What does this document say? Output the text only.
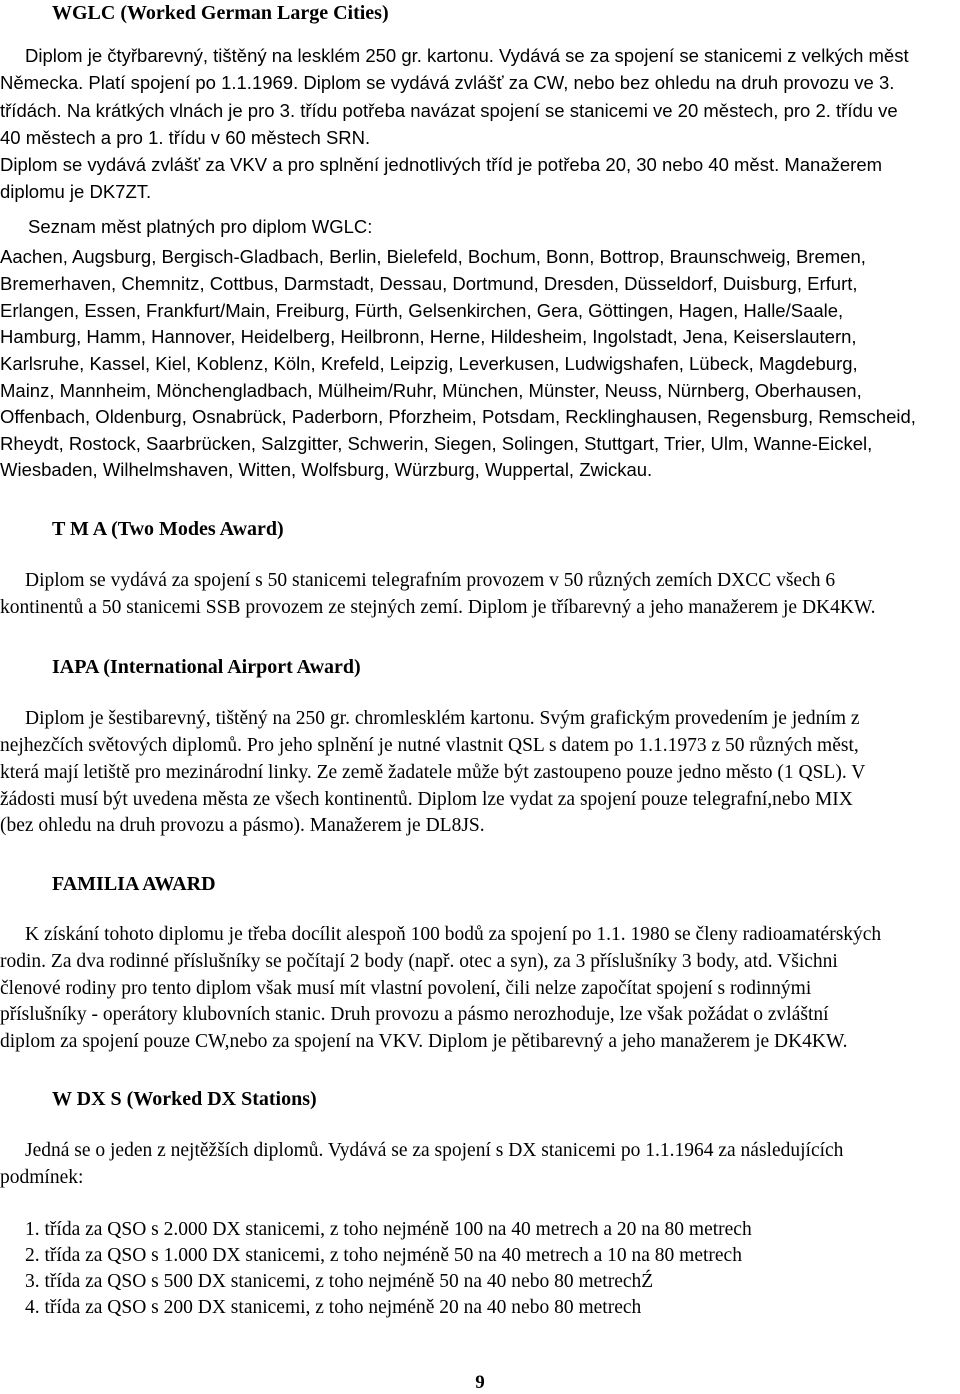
WGLC (Worked German Large Cities)
Diplom je čtyřbarevný, tištěný na lesklém 250 gr. kartonu. Vydává se za spojení se stanicemi z velkých měst
Německa. Platí spojení po 1.1.1969. Diplom se vydává zvlášť za CW, nebo bez ohledu na druh provozu ve 3.
třídách. Na krátkých vlnách je pro 3. třídu potřeba navázat spojení se stanicemi ve 20 městech, pro 2. třídu ve
40 městech a pro 1. třídu v 60 městech SRN.
Diplom se vydává zvlášť za VKV a pro splnění jednotlivých tříd je potřeba 20, 30 nebo 40 měst. Manažerem
diplomu je DK7ZT.
Seznam měst platných pro diplom WGLC:
Aachen, Augsburg, Bergisch-Gladbach, Berlin, Bielefeld, Bochum, Bonn, Bottrop, Braunschweig, Bremen,
Bremerhaven, Chemnitz, Cottbus, Darmstadt, Dessau, Dortmund, Dresden, Düsseldorf, Duisburg, Erfurt,
Erlangen, Essen, Frankfurt/Main, Freiburg, Fürth, Gelsenkirchen, Gera, Göttingen, Hagen, Halle/Saale,
Hamburg, Hamm, Hannover, Heidelberg, Heilbronn, Herne, Hildesheim, Ingolstadt, Jena, Keiserslautern,
Karlsruhe, Kassel, Kiel, Koblenz, Köln, Krefeld, Leipzig, Leverkusen, Ludwigshafen, Lübeck, Magdeburg,
Mainz, Mannheim, Mönchengladbach, Mülheim/Ruhr, München, Münster, Neuss, Nürnberg, Oberhausen,
Offenbach, Oldenburg, Osnabrück, Paderborn, Pforzheim, Potsdam, Recklinghausen, Regensburg, Remscheid,
Rheydt, Rostock, Saarbrücken, Salzgitter, Schwerin, Siegen, Solingen, Stuttgart, Trier, Ulm, Wanne-Eickel,
Wiesbaden, Wilhelmshaven, Witten, Wolfsburg, Würzburg, Wuppertal, Zwickau.
T M A (Two Modes Award)
Diplom se vydává za spojení s 50 stanicemi telegrafním provozem v 50 různých zemích DXCC všech 6
kontinentů a 50 stanicemi SSB provozem ze stejných zemí. Diplom je tříbarevný a jeho manažerem je DK4KW.
IAPA (International Airport Award)
Diplom je šestibarevný, tištěný na 250 gr. chromlesklém kartonu. Svým grafickým provedením je jedním z
nejhezčích světových diplomů. Pro jeho splnění je nutné vlastnit QSL s datem po 1.1.1973 z 50 různých měst,
která mají letiště pro mezinárodní linky. Ze země žadatele může být zastoupeno pouze jedno město (1 QSL). V
žádosti musí být uvedena města ze všech kontinentů. Diplom lze vydat za spojení pouze telegrafní,nebo MIX
(bez ohledu na druh provozu a pásmo). Manažerem je DL8JS.
FAMILIA AWARD
K získání tohoto diplomu je třeba docílit alespoň 100 bodů za spojení po 1.1. 1980 se členy radioamatérských
rodin. Za dva rodinné příslušníky se počítají 2 body (např. otec a syn), za 3 příslušníky 3 body, atd. Všichni
členové rodiny pro tento diplom však musí mít vlastní povolení, čili nelze započítat spojení s rodinnými
příslušníky - operátory klubovních stanic. Druh provozu a pásmo nerozhoduje, lze však požádat o zvláštní
diplom za spojení pouze CW,nebo za spojení na VKV. Diplom je pětibarevný a jeho manažerem je DK4KW.
W DX S (Worked DX Stations)
Jedná se o jeden z nejtěžších diplomů. Vydává se za spojení s DX stanicemi po 1.1.1964 za následujících
podmínek:
1. třída za QSO s 2.000 DX stanicemi, z toho nejméně 100 na 40 metrech a 20 na 80 metrech
2. třída za QSO s 1.000 DX stanicemi, z toho nejméně 50 na 40 metrech a 10 na 80 metrech
3. třída za QSO s 500 DX stanicemi, z toho nejméně 50 na 40 nebo 80 metrechŹ
4. třída za QSO s 200 DX stanicemi, z toho nejméně 20 na 40 nebo 80 metrech
9
